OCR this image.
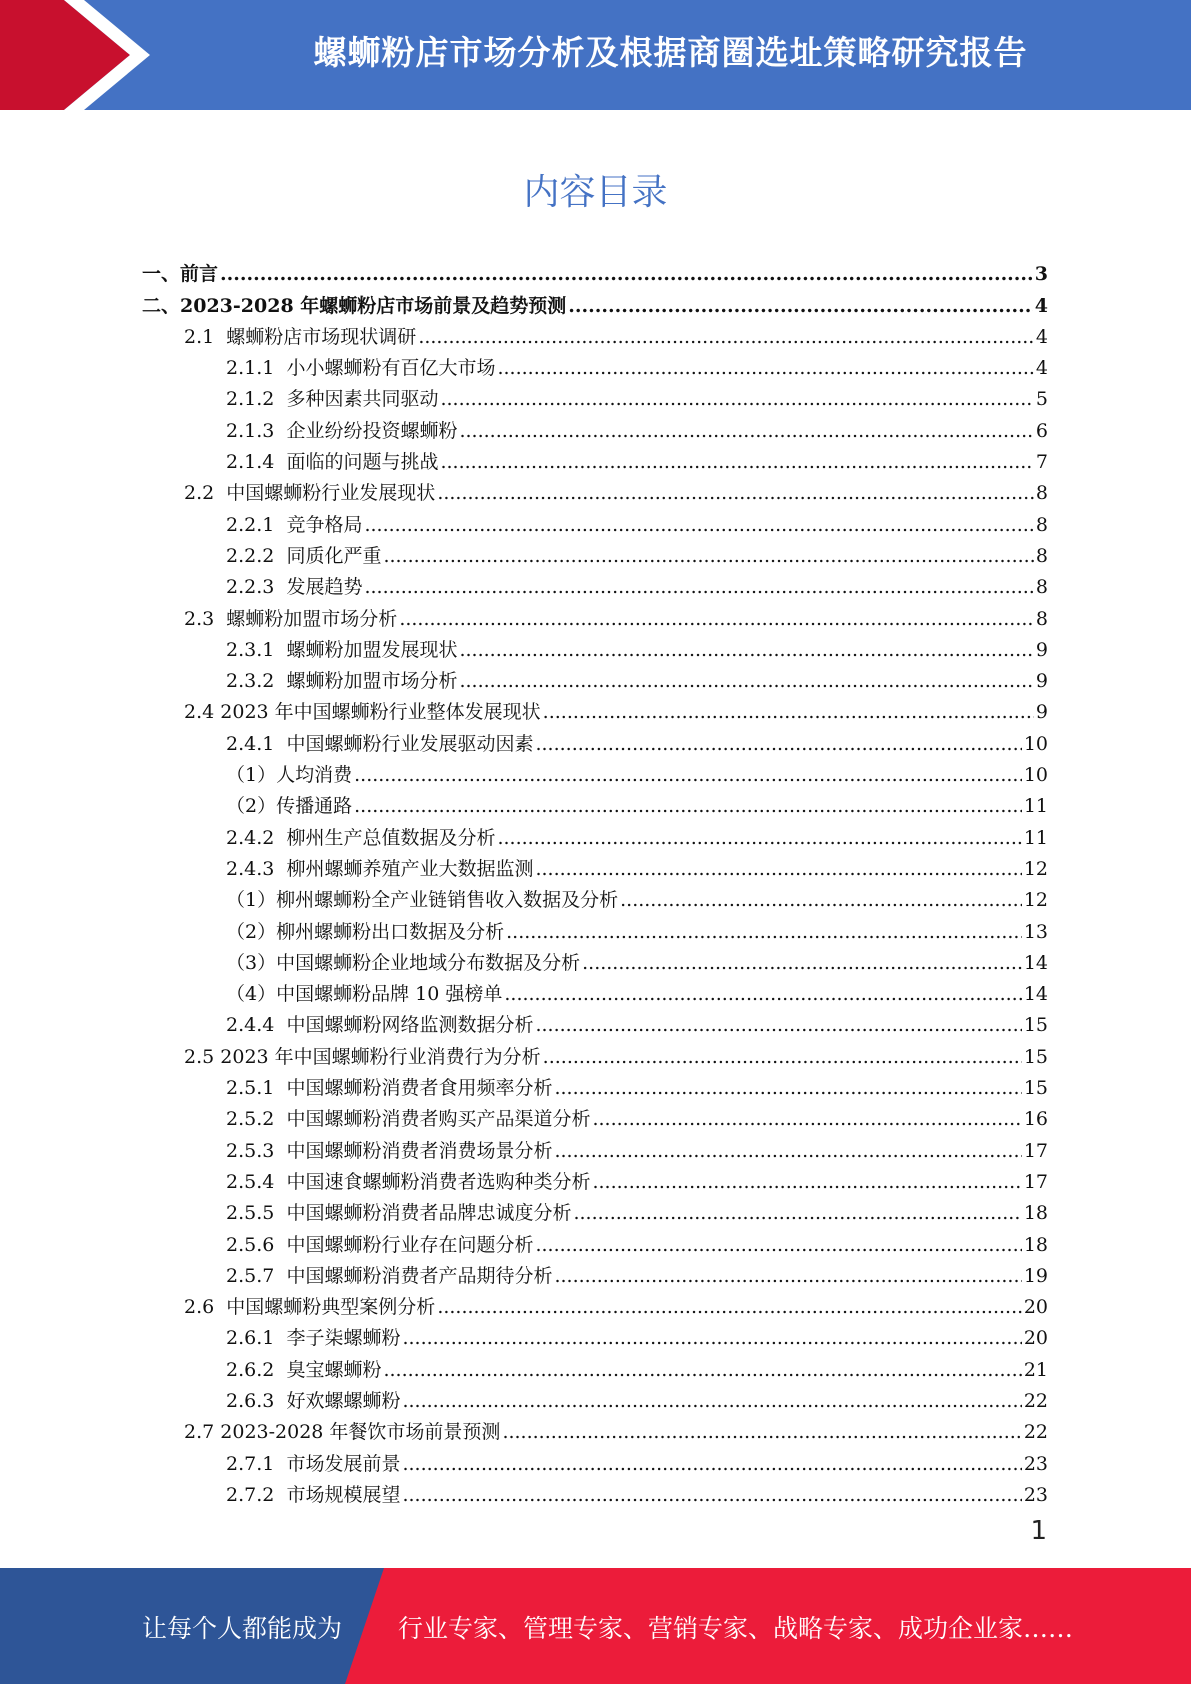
螺蛳粉店市场分析及根据商圈选址策略研究报告
内容目录
一、 前言 .....	3
二、 2023-2028 年螺蛳粉店市场前景及趋势预测 .....	4
2.1 螺蛳粉店市场现状调研 .....	4
2.1.1 小小螺蛳粉有百亿大市场 .....	4
2.1.2 多种因素共同驱动 .....	5
2.1.3 企业纷纷投资螺蛳粉 .....	6
2.1.4 面临的问题与挑战 .....	7
2.2 中国螺蛳粉行业发展现状 .....	8
2.2.1 竞争格局 .....	8
2.2.2 同质化严重 .....	8
2.2.3 发展趋势 .....	8
2.3 螺蛳粉加盟市场分析 .....	8
2.3.1 螺蛳粉加盟发展现状 .....	9
2.3.2 螺蛳粉加盟市场分析 .....	9
2.4 2023 年中国螺蛳粉行业整体发展现状 .....	9
2.4.1 中国螺蛳粉行业发展驱动因素 .....	10
（1） 人均消费 .....	10
（2） 传播通路 .....	11
2.4.2 柳州生产总值数据及分析 .....	11
2.4.3 柳州螺蛳养殖产业大数据监测 .....	12
（1） 柳州螺蛳粉全产业链销售收入数据及分析 .....	12
（2） 柳州螺蛳粉出口数据及分析 .....	13
（3） 中国螺蛳粉企业地域分布数据及分析 .....	14
（4） 中国螺蛳粉品牌 10 强榜单 .....	14
2.4.4 中国螺蛳粉网络监测数据分析 .....	15
2.5 2023 年中国螺蛳粉行业消费行为分析 .....	15
2.5.1 中国螺蛳粉消费者食用频率分析 .....	15
2.5.2 中国螺蛳粉消费者购买产品渠道分析 .....	16
2.5.3 中国螺蛳粉消费者消费场景分析 .....	17
2.5.4 中国速食螺蛳粉消费者选购种类分析 .....	17
2.5.5 中国螺蛳粉消费者品牌忠诚度分析 .....	18
2.5.6 中国螺蛳粉行业存在问题分析 .....	18
2.5.7 中国螺蛳粉消费者产品期待分析 .....	19
2.6 中国螺蛳粉典型案例分析 .....	20
2.6.1 李子柒螺蛳粉 .....	20
2.6.2 臭宝螺蛳粉 .....	21
2.6.3 好欢螺螺蛳粉 .....	22
2.7 2023-2028 年餐饮市场前景预测 .....	22
2.7.1 市场发展前景 .....	23
2.7.2 市场规模展望 .....	23
1
让每个人都能成为 行业专家、管理专家、营销专家、战略专家、成功企业家……
